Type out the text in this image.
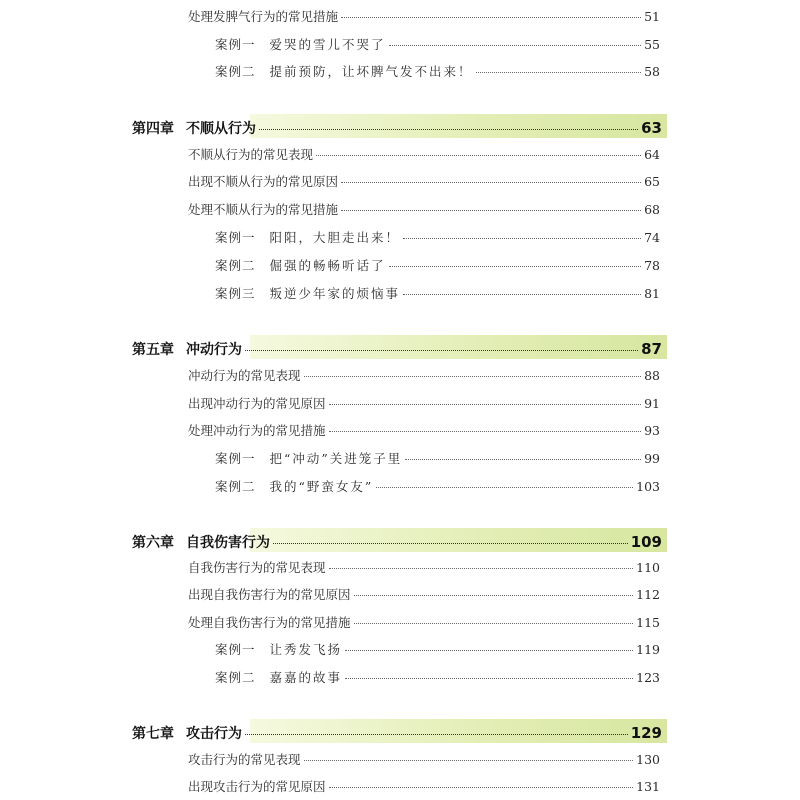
处理发脾气行为的常见措施	51
案例一 爱哭的雪儿不哭了	55
案例二 提前预防，让坏脾气发不出来！	58
第四章 不顺从行为	63
不顺从行为的常见表现	64
出现不顺从行为的常见原因	65
处理不顺从行为的常见措施	68
案例一 阳阳，大胆走出来！	74
案例二 倔强的畅畅听话了	78
案例三 叛逆少年家的烦恼事	81
第五章 冲动行为	87
冲动行为的常见表现	88
出现冲动行为的常见原因	91
处理冲动行为的常见措施	93
案例一 把“冲动”关进笼子里	99
案例二 我的“野蛮女友”	103
第六章 自我伤害行为	109
自我伤害行为的常见表现	110
出现自我伤害行为的常见原因	112
处理自我伤害行为的常见措施	115
案例一 让秀发飞扬	119
案例二 嘉嘉的故事	123
第七章 攻击行为	129
攻击行为的常见表现	130
出现攻击行为的常见原因	131
